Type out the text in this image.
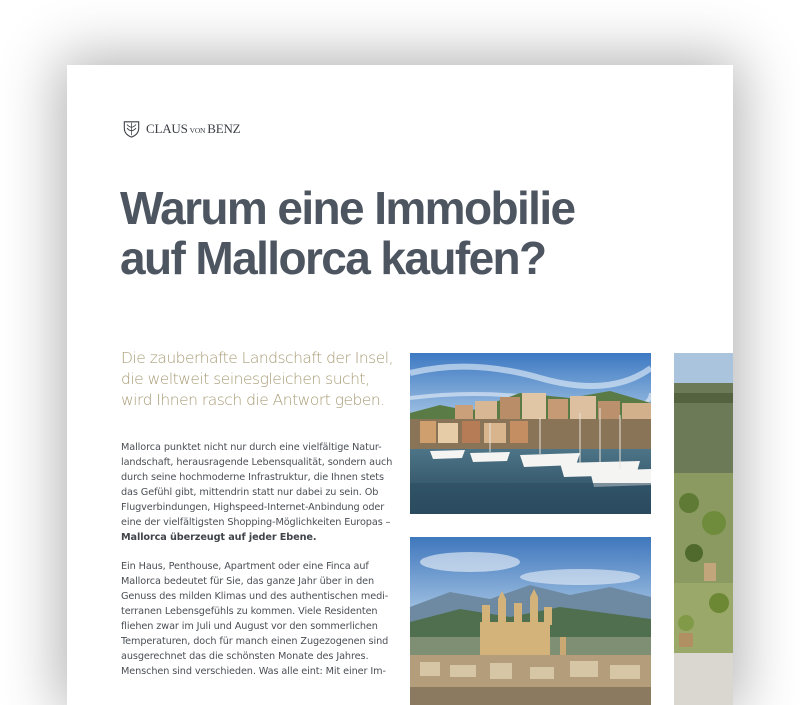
CLAUS VON BENZ
Warum eine Immobilie
auf Mallorca kaufen?

Die zauberhafte Landschaft der Insel,
die weltweit seinesgleichen sucht,
wird Ihnen rasch die Antwort geben.

Mallorca punktet nicht nur durch eine vielfältige Natur-
landschaft, herausragende Lebensqualität, sondern auch
durch seine hochmoderne Infrastruktur, die Ihnen stets
das Gefühl gibt, mittendrin statt nur dabei zu sein. Ob
Flugverbindungen, Highspeed-Internet-Anbindung oder
eine der vielfältigsten Shopping-Möglichkeiten Europas –
Mallorca überzeugt auf jeder Ebene.

Ein Haus, Penthouse, Apartment oder eine Finca auf
Mallorca bedeutet für Sie, das ganze Jahr über in den
Genuss des milden Klimas und des authentischen medi-
terranen Lebensgefühls zu kommen. Viele Residenten
fliehen zwar im Juli und August vor den sommerlichen
Temperaturen, doch für manch einen Zugezogenen sind
ausgerechnet das die schönsten Monate des Jahres.
Menschen sind verschieden. Was alle eint: Mit einer Im-
